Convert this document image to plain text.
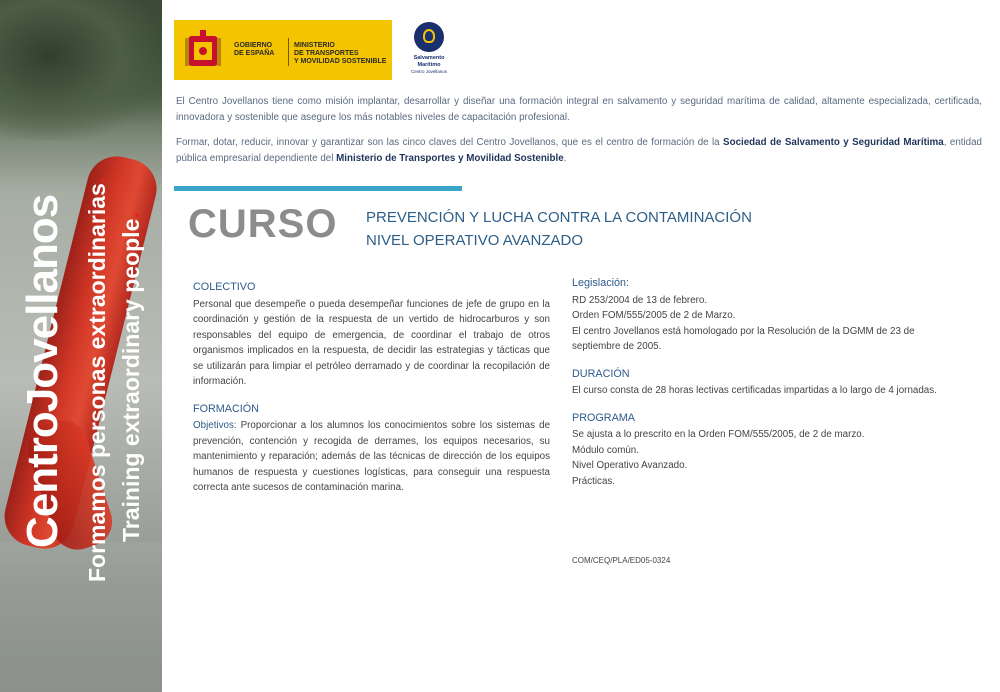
CentroJovellanos Formamos personas extraordinarias.
Training extraordinary people.
GOBIERNO
DE ESPAÑA
MINISTERIO
DE TRANSPORTES
Y MOVILIDAD SOSTENIBLE	Salvamento Marítimo
Centro Jovellanos

El Centro Jovellanos tiene como misión implantar, desarrollar y diseñar una formación integral en salvamento y seguridad marítima de calidad, altamente especializada, certificada, innovadora y sostenible que asegure los más notables niveles de capacitación profesional.

Formar, dotar, reducir, innovar y garantizar son las cinco claves del Centro Jovellanos, que es el centro de formación de la Sociedad de Salvamento y Seguridad Marítima, entidad pública empresarial dependiente del Ministerio de Transportes y Movilidad Sostenible.

CURSO PREVENCIÓN Y LUCHA CONTRA LA CONTAMINACIÓN
NIVEL OPERATIVO AVANZADO
COLECTIVO
Personal que desempeñe o pueda desempeñar funciones de jefe de grupo en la coordinación y gestión de la respuesta de un vertido de hidrocarburos y son responsables del equipo de emergencia, de coordinar el trabajo de otros organismos implicados en la respuesta, de decidir las estrategias y tácticas que se utilizarán para limpiar el petróleo derramado y de coordinar la recopilación de información.
FORMACIÓN
Objetivos: Proporcionar a los alumnos los conocimientos sobre los sistemas de prevención, contención y recogida de derrames, los equipos necesarios, su mantenimiento y reparación; además de las técnicas de dirección de los equipos humanos de respuesta y cuestiones logísticas, para conseguir una respuesta correcta ante sucesos de contaminación marina.
Legislación:
RD 253/2004 de 13 de febrero.
Orden FOM/555/2005 de 2 de Marzo.
El centro Jovellanos está homologado por la Resolución de la DGMM de 23 de septiembre de 2005.
DURACIÓN
El curso consta de 28 horas lectivas certificadas impartidas a lo largo de 4 jornadas.
PROGRAMA
Se ajusta a lo prescrito en la Orden FOM/555/2005, de 2 de marzo.
Módulo común.
Nivel Operativo Avanzado.
Prácticas.
COM/CEQ/PLA/ED05-0324
